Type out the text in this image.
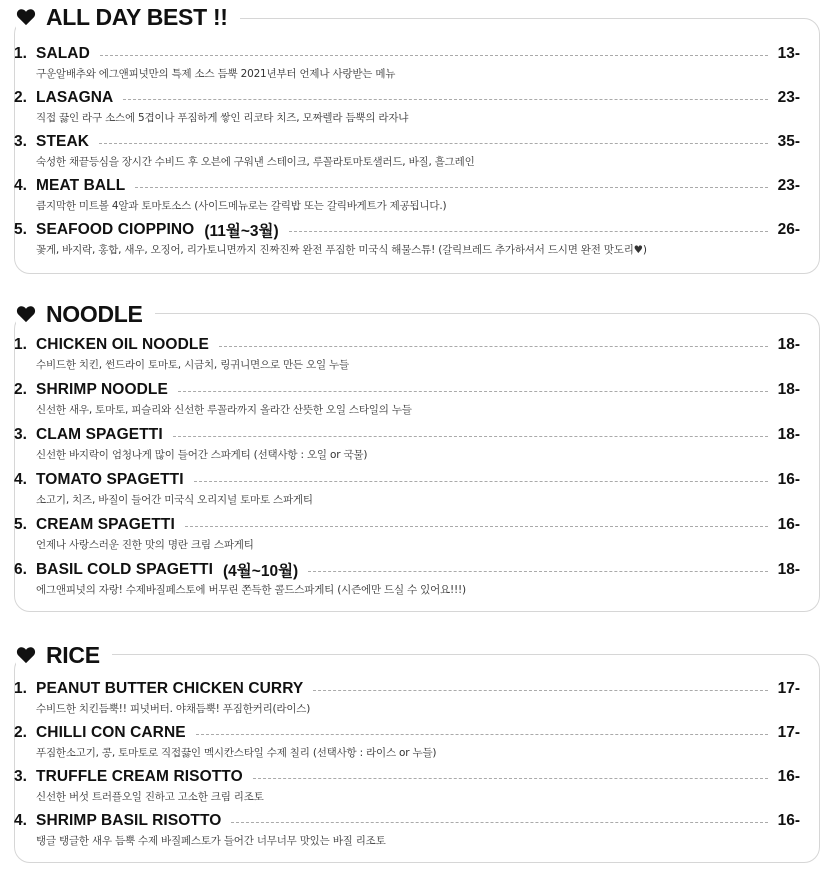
ALL DAY BEST !!
1. SALAD	13-
구운알배추와 에그앤피넛만의 특제 소스 듬뿍 2021년부터 언제나 사랑받는 메뉴
2. LASAGNA	23-
직접 끓인 라구 소스에 5겹이나 푸짐하게 쌓인 리코타 치즈, 모짜렐라 듬뿍의 라자냐
3. STEAK	35-
숙성한 채끝등심을 장시간 수비드 후 오븐에 구워낸 스테이크, 루꼴라토마토샐러드, 바질, 흘그레인
4. MEAT BALL	23-
큼지막한 미트볼 4알과 토마토소스 (사이드메뉴로는 갈릭밥 또는 갈릭바게트가 제공됩니다.)
5. SEAFOOD CIOPPINO (11월~3월)	26-
꽃게, 바지락, 홍합, 새우, 오징어, 리가토니면까지 진짜진짜 완전 푸짐한 미국식 해물스튜! (갈릭브레드 추가하셔서 드시면 완전 맛도리♥)
NOODLE
1. CHICKEN OIL NOODLE	18-
수비드한 치킨, 썬드라이 토마토, 시금치, 링귀니면으로 만든 오일 누들
2. SHRIMP NOODLE	18-
신선한 새우, 토마토, 피슬리와 신선한 루꼴라까지 올라간 산뜻한 오일 스타일의 누들
3. CLAM SPAGETTI	18-
신선한 바지락이 엄청나게 많이 들어간 스파게티 (선택사항 : 오일 or 국물)
4. TOMATO SPAGETTI	16-
소고기, 치즈, 바질이 들어간 미국식 오리지널 토마토 스파게티
5. CREAM SPAGETTI	16-
언제나 사랑스러운 진한 맛의 명란 크림 스파게티
6. BASIL COLD SPAGETTI (4월~10월)	18-
에그앤피넛의 자랑! 수제바질페스토에 버무린 쫀득한 콜드스파게티 (시즌에만 드실 수 있어요!!!)
RICE
1. PEANUT BUTTER CHICKEN CURRY	17-
수비드한 치킨듬뿍!! 피넛버터. 야채듬뿍! 푸짐한커리(라이스)
2. CHILLI CON CARNE	17-
푸짐한소고기, 콩, 토마토로 직접끓인 멕시칸스타일 수제 칠리 (선택사항 : 라이스 or 누들)
3. TRUFFLE CREAM RISOTTO	16-
신선한 버섯 트러플오일 진하고 고소한 크림 리조토
4. SHRIMP BASIL RISOTTO	16-
탱글 탱글한 새우 듬뿍 수제 바질페스토가 들어간 너무너무 맛있는 바질 리조토
